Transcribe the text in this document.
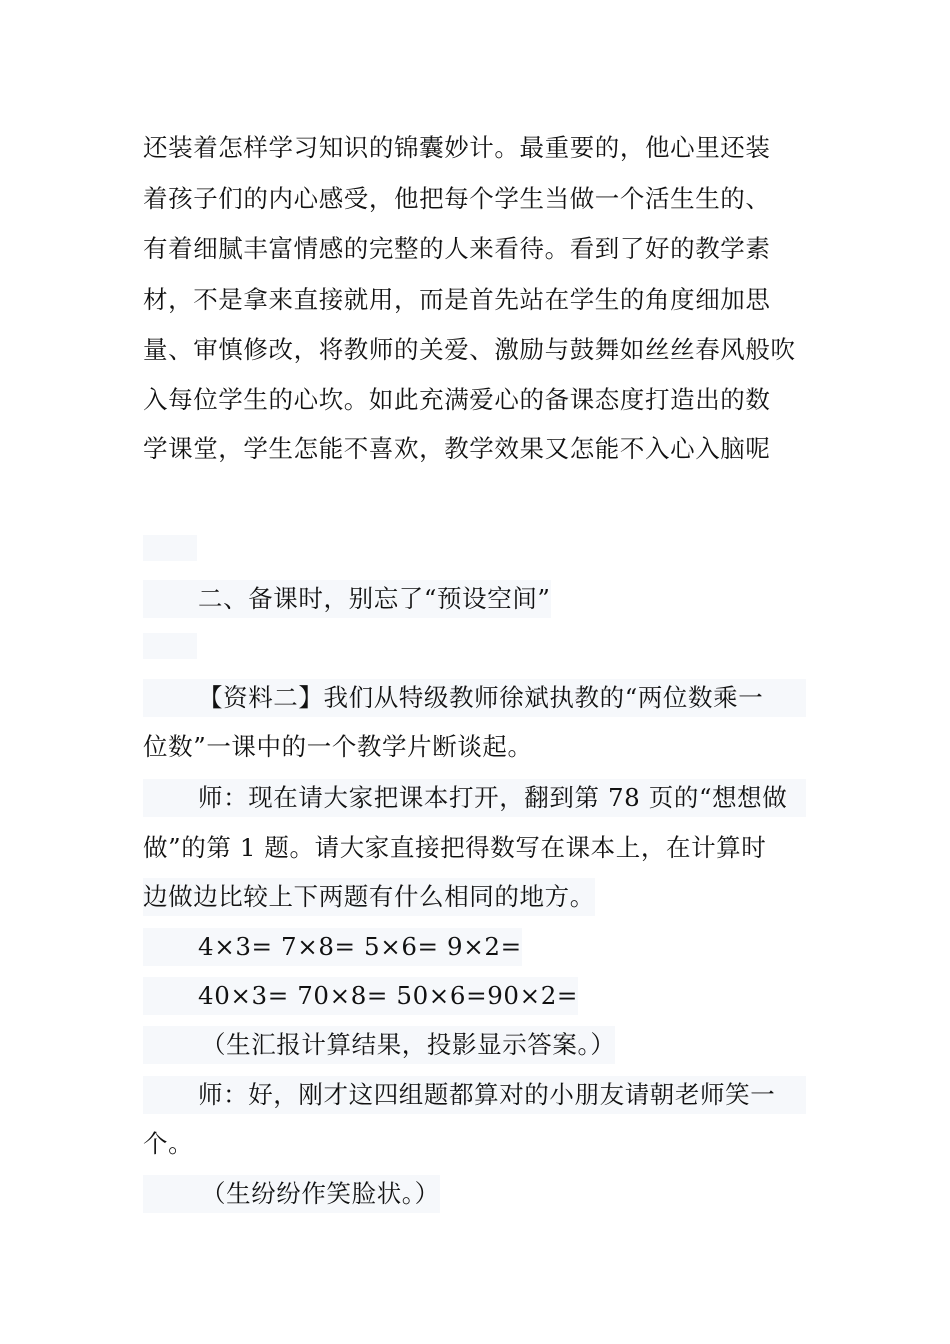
还装着怎样学习知识的锦囊妙计。最重要的，他心里还装
着孩子们的内心感受，他把每个学生当做一个活生生的、
有着细腻丰富情感的完整的人来看待。看到了好的教学素
材，不是拿来直接就用，而是首先站在学生的角度细加思
量、审慎修改，将教师的关爱、激励与鼓舞如丝丝春风般吹
入每位学生的心坎。如此充满爱心的备课态度打造出的数
学课堂，学生怎能不喜欢，教学效果又怎能不入心入脑呢
二、备课时，别忘了“预设空间”
【资料二】我们从特级教师徐斌执教的“两位数乘一
位数”一课中的一个教学片断谈起。
师：现在请大家把课本打开，翻到第 78 页的“想想做
做”的第 1 题。请大家直接把得数写在课本上，在计算时
边做边比较上下两题有什么相同的地方。
4×3= 7×8= 5×6= 9×2=
40×3= 70×8= 50×6=90×2=
（生汇报计算结果，投影显示答案。）
师：好，刚才这四组题都算对的小朋友请朝老师笑一
个。
（生纷纷作笑脸状。）
